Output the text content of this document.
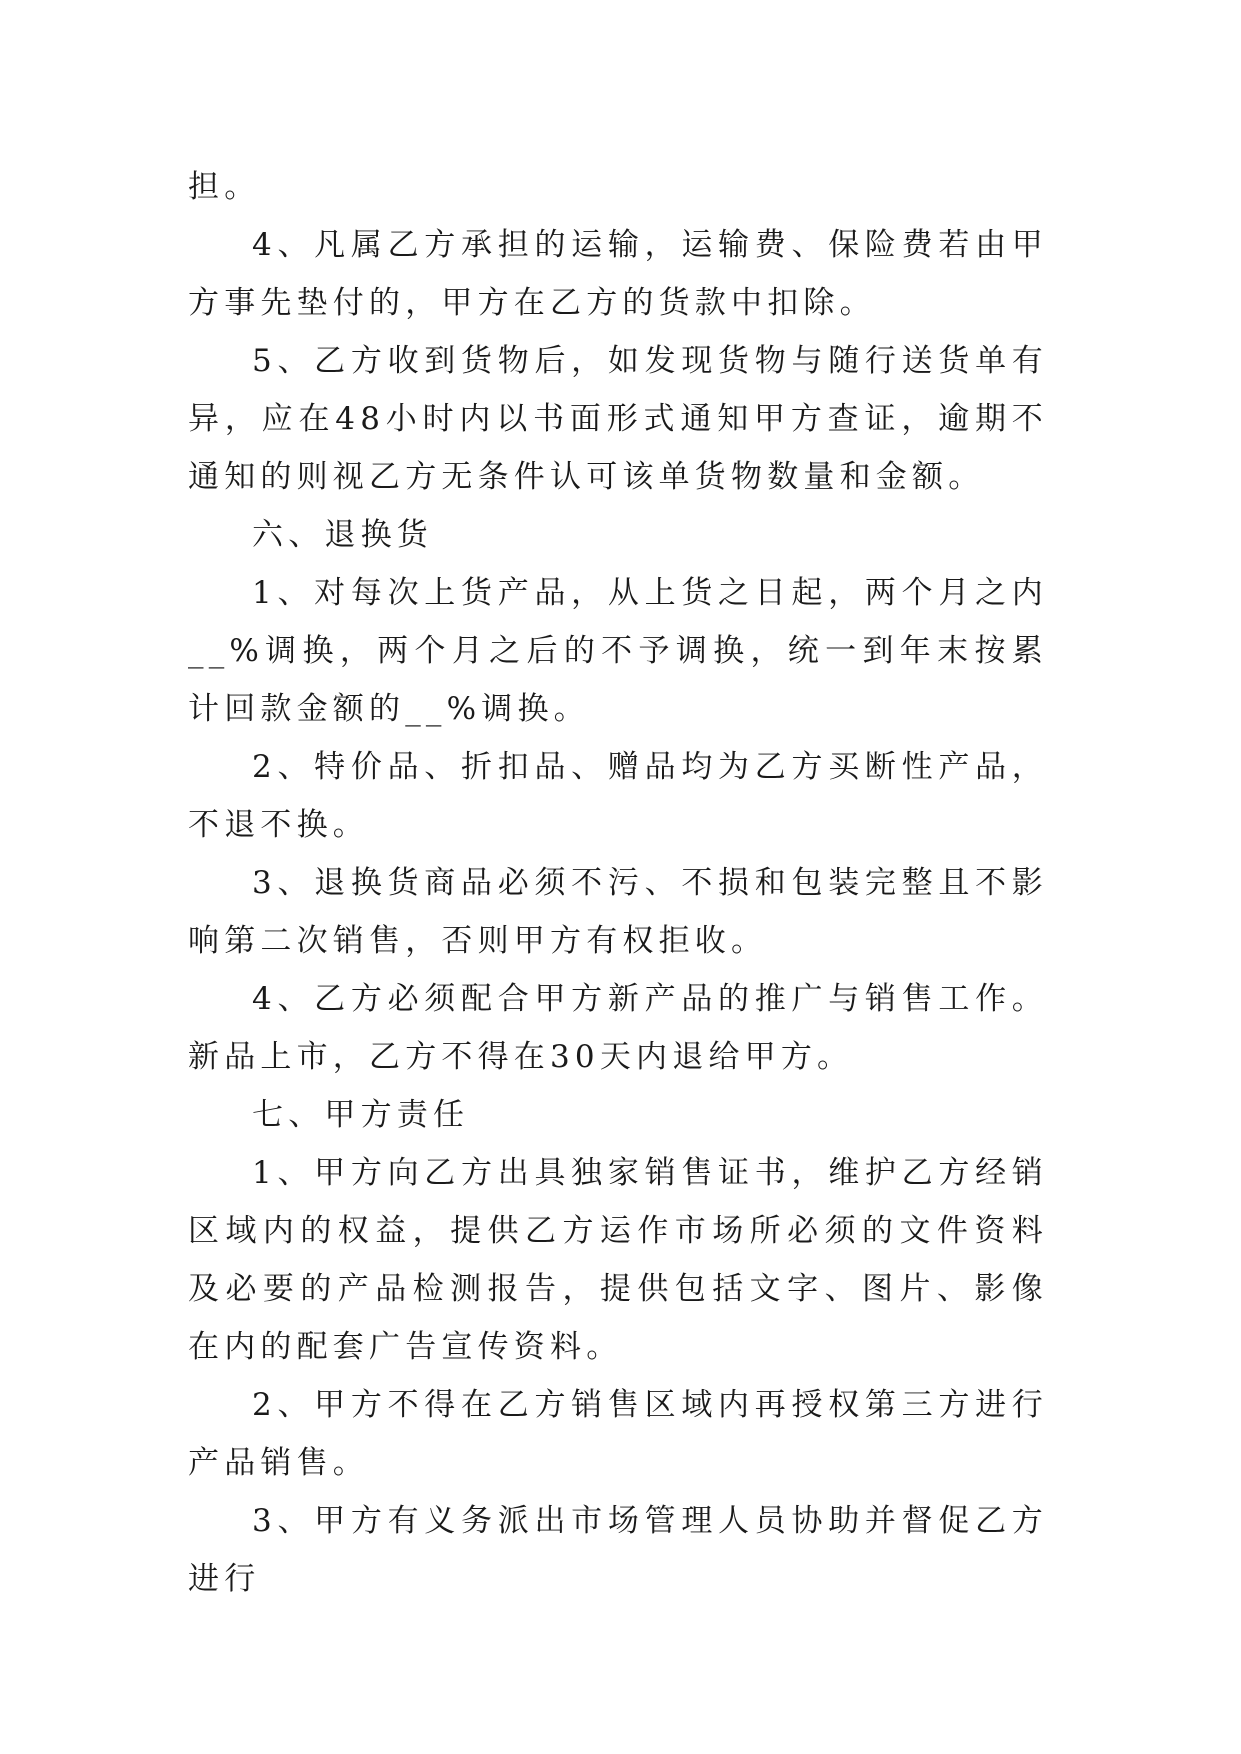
担。

4、凡属乙方承担的运输，运输费、保险费若由甲方事先垫付的，甲方在乙方的货款中扣除。

5、乙方收到货物后，如发现货物与随行送货单有异，应在48小时内以书面形式通知甲方查证，逾期不通知的则视乙方无条件认可该单货物数量和金额。

六、退换货

1、对每次上货产品，从上货之日起，两个月之内__%调换，两个月之后的不予调换，统一到年末按累计回款金额的__%调换。

2、特价品、折扣品、赠品均为乙方买断性产品，不退不换。

3、退换货商品必须不污、不损和包装完整且不影响第二次销售，否则甲方有权拒收。

4、乙方必须配合甲方新产品的推广与销售工作。新品上市，乙方不得在30天内退给甲方。

七、甲方责任

1、甲方向乙方出具独家销售证书，维护乙方经销区域内的权益，提供乙方运作市场所必须的文件资料及必要的产品检测报告，提供包括文字、图片、影像在内的配套广告宣传资料。

2、甲方不得在乙方销售区域内再授权第三方进行产品销售。

3、甲方有义务派出市场管理人员协助并督促乙方进行
